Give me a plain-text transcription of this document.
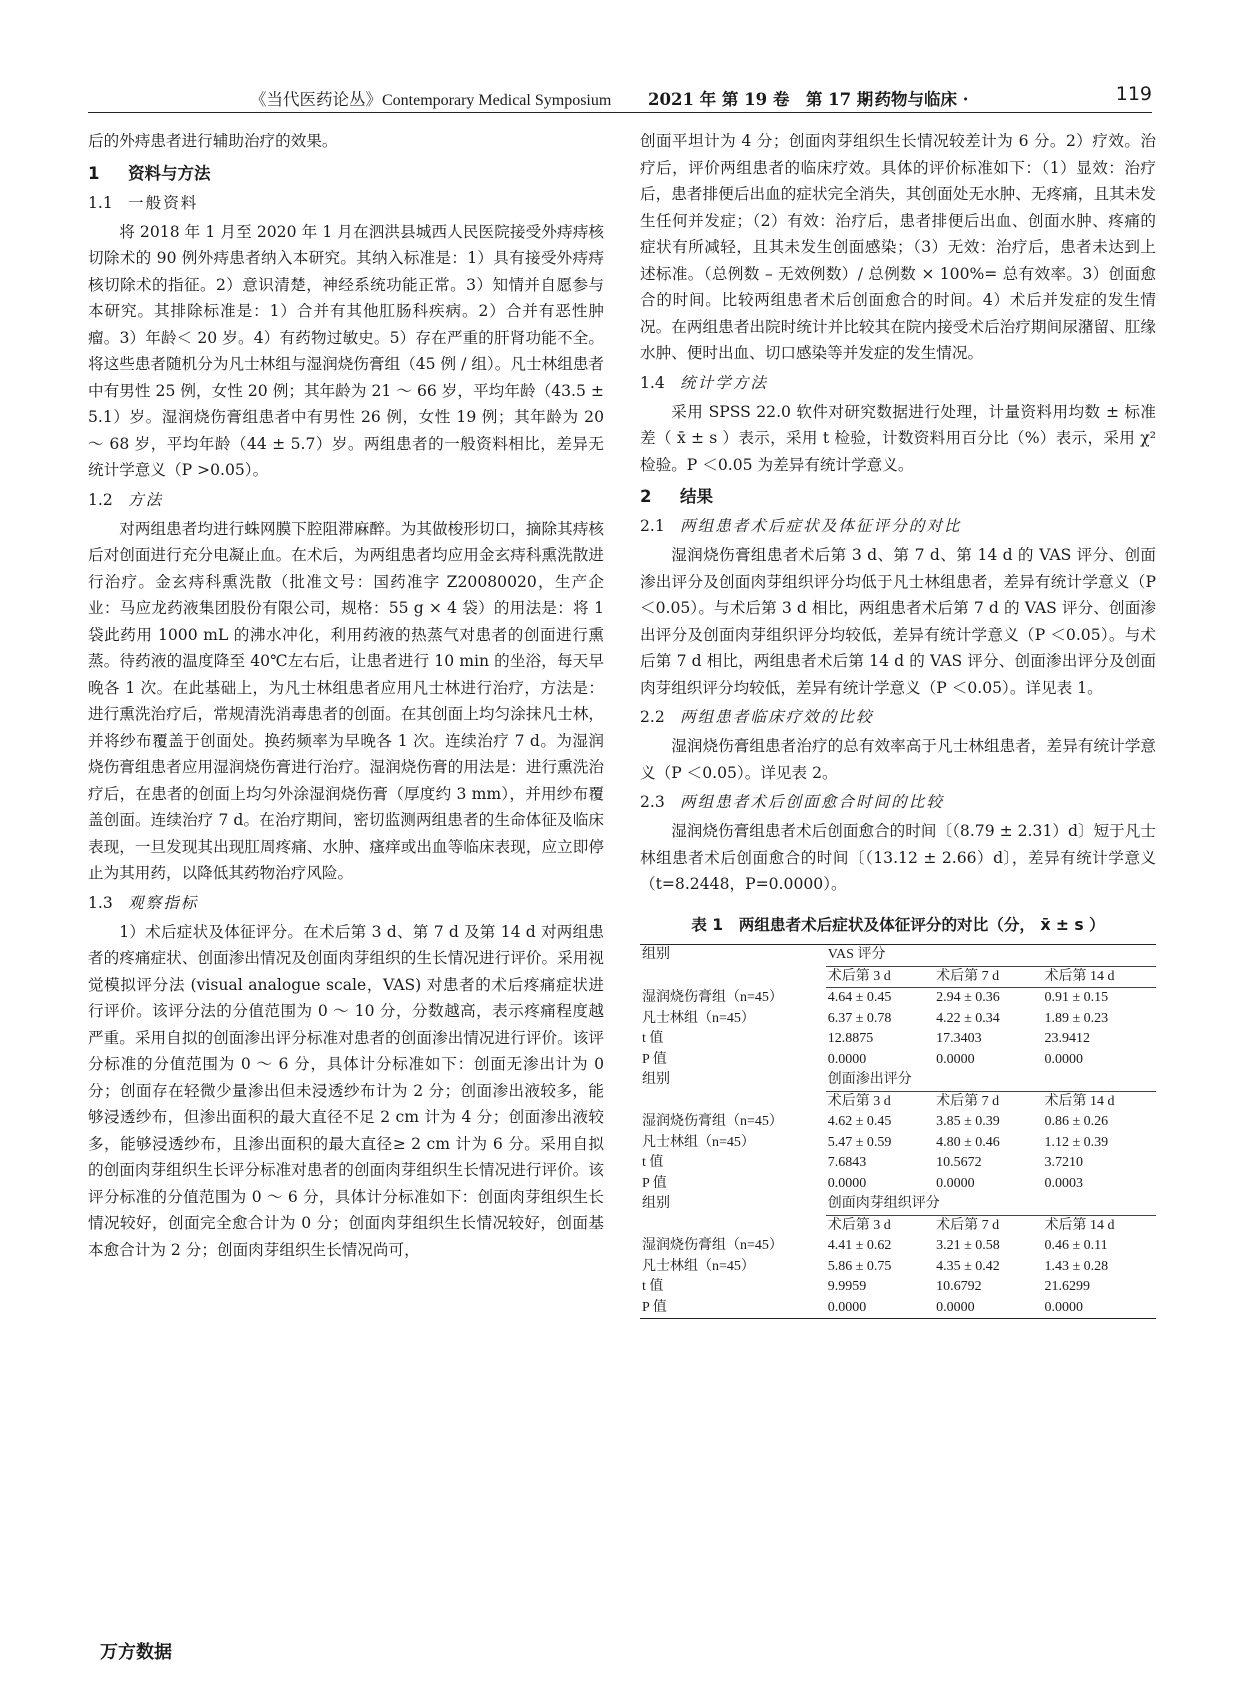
《当代医药论丛》Contemporary Medical Symposium 2021 年 第 19 卷　第 17 期
· 药物与临床 ·	119

后的外痔患者进行辅助治疗的效果。

1 资料与方法
1.1 一般资料

将 2018 年 1 月至 2020 年 1 月在泗洪县城西人民医院接受外痔痔核切除术的 90 例外痔患者纳入本研究。其纳入标准是：1）具有接受外痔痔核切除术的指征。2）意识清楚，神经系统功能正常。3）知情并自愿参与本研究。其排除标准是：1）合并有其他肛肠科疾病。2）合并有恶性肿瘤。3）年龄＜ 20 岁。4）有药物过敏史。5）存在严重的肝肾功能不全。将这些患者随机分为凡士林组与湿润烧伤膏组（45 例 / 组）。凡士林组患者中有男性 25 例，女性 20 例；其年龄为 21 ～ 66 岁，平均年龄（43.5 ± 5.1）岁。湿润烧伤膏组患者中有男性 26 例，女性 19 例；其年龄为 20 ～ 68 岁，平均年龄（44 ± 5.7）岁。两组患者的一般资料相比，差异无统计学意义（P >0.05）。

1.2 方法

对两组患者均进行蛛网膜下腔阻滞麻醉。为其做梭形切口，摘除其痔核后对创面进行充分电凝止血。在术后，为两组患者均应用金玄痔科熏洗散进行治疗。金玄痔科熏洗散（批准文号：国药准字 Z20080020，生产企业：马应龙药液集团股份有限公司，规格：55 g × 4 袋）的用法是：将 1 袋此药用 1000 mL 的沸水冲化，利用药液的热蒸气对患者的创面进行熏蒸。待药液的温度降至 40℃左右后，让患者进行 10 min 的坐浴，每天早晚各 1 次。在此基础上，为凡士林组患者应用凡士林进行治疗，方法是：进行熏洗治疗后，常规清洗消毒患者的创面。在其创面上均匀涂抹凡士林，并将纱布覆盖于创面处。换药频率为早晚各 1 次。连续治疗 7 d。为湿润烧伤膏组患者应用湿润烧伤膏进行治疗。湿润烧伤膏的用法是：进行熏洗治疗后，在患者的创面上均匀外涂湿润烧伤膏（厚度约 3 mm），并用纱布覆盖创面。连续治疗 7 d。在治疗期间，密切监测两组患者的生命体征及临床表现，一旦发现其出现肛周疼痛、水肿、瘙痒或出血等临床表现，应立即停止为其用药，以降低其药物治疗风险。

1.3 观察指标

1）术后症状及体征评分。在术后第 3 d、第 7 d 及第 14 d 对两组患者的疼痛症状、创面渗出情况及创面肉芽组织的生长情况进行评价。采用视觉模拟评分法 (visual analogue scale，VAS) 对患者的术后疼痛症状进行评价。该评分法的分值范围为 0 ～ 10 分，分数越高，表示疼痛程度越严重。采用自拟的创面渗出评分标准对患者的创面渗出情况进行评价。该评分标准的分值范围为 0 ～ 6 分，具体计分标准如下：创面无渗出计为 0 分；创面存在轻微少量渗出但未浸透纱布计为 2 分；创面渗出液较多，能够浸透纱布，但渗出面积的最大直径不足 2 cm 计为 4 分；创面渗出液较多，能够浸透纱布，且渗出面积的最大直径≥ 2 cm 计为 6 分。采用自拟的创面肉芽组织生长评分标准对患者的创面肉芽组织生长情况进行评价。该评分标准的分值范围为 0 ～ 6 分，具体计分标准如下：创面肉芽组织生长情况较好，创面完全愈合计为 0 分；创面肉芽组织生长情况较好，创面基本愈合计为 2 分；创面肉芽组织生长情况尚可，

创面平坦计为 4 分；创面肉芽组织生长情况较差计为 6 分。2）疗效。治疗后，评价两组患者的临床疗效。具体的评价标准如下：（1）显效：治疗后，患者排便后出血的症状完全消失，其创面处无水肿、无疼痛，且其未发生任何并发症；（2）有效：治疗后，患者排便后出血、创面水肿、疼痛的症状有所减轻，且其未发生创面感染；（3）无效：治疗后，患者未达到上述标准。（总例数 – 无效例数）/ 总例数 × 100%= 总有效率。3）创面愈合的时间。比较两组患者术后创面愈合的时间。4）术后并发症的发生情况。在两组患者出院时统计并比较其在院内接受术后治疗期间尿潴留、肛缘水肿、便时出血、切口感染等并发症的发生情况。

1.4 统计学方法

采用 SPSS 22.0 软件对研究数据进行处理，计量资料用均数 ± 标准差（ x̄ ± s ）表示，采用 t 检验，计数资料用百分比（%）表示，采用 χ² 检验。P ＜0.05 为差异有统计学意义。

2 结果
2.1 两组患者术后症状及体征评分的对比

湿润烧伤膏组患者术后第 3 d、第 7 d、第 14 d 的 VAS 评分、创面渗出评分及创面肉芽组织评分均低于凡士林组患者，差异有统计学意义（P ＜0.05）。与术后第 3 d 相比，两组患者术后第 7 d 的 VAS 评分、创面渗出评分及创面肉芽组织评分均较低，差异有统计学意义（P ＜0.05）。与术后第 7 d 相比，两组患者术后第 14 d 的 VAS 评分、创面渗出评分及创面肉芽组织评分均较低，差异有统计学意义（P ＜0.05）。详见表 1。

2.2 两组患者临床疗效的比较

湿润烧伤膏组患者治疗的总有效率高于凡士林组患者，差异有统计学意义（P ＜0.05）。详见表 2。

2.3 两组患者术后创面愈合时间的比较

湿润烧伤膏组患者术后创面愈合的时间〔（8.79 ± 2.31）d〕短于凡士林组患者术后创面愈合的时间〔（13.12 ± 2.66）d〕，差异有统计学意义（t=8.2448，P=0.0000）。

表 1　两组患者术后症状及体征评分的对比（分， x̄ ± s ）
组别	VAS 评分		
	术后第 3 d	术后第 7 d	术后第 14 d
湿润烧伤膏组（n=45）	4.64 ± 0.45	2.94 ± 0.36	0.91 ± 0.15
凡士林组（n=45）	6.37 ± 0.78	4.22 ± 0.34	1.89 ± 0.23
t 值	12.8875	17.3403	23.9412
P 值	0.0000	0.0000	0.0000
组别	创面渗出评分		
	术后第 3 d	术后第 7 d	术后第 14 d
湿润烧伤膏组（n=45）	4.62 ± 0.45	3.85 ± 0.39	0.86 ± 0.26
凡士林组（n=45）	5.47 ± 0.59	4.80 ± 0.46	1.12 ± 0.39
t 值	7.6843	10.5672	3.7210
P 值	0.0000	0.0000	0.0003
组别	创面肉芽组织评分		
	术后第 3 d	术后第 7 d	术后第 14 d
湿润烧伤膏组（n=45）	4.41 ± 0.62	3.21 ± 0.58	0.46 ± 0.11
凡士林组（n=45）	5.86 ± 0.75	4.35 ± 0.42	1.43 ± 0.28
t 值	9.9959	10.6792	21.6299
P 值	0.0000	0.0000	0.0000
万方数据
